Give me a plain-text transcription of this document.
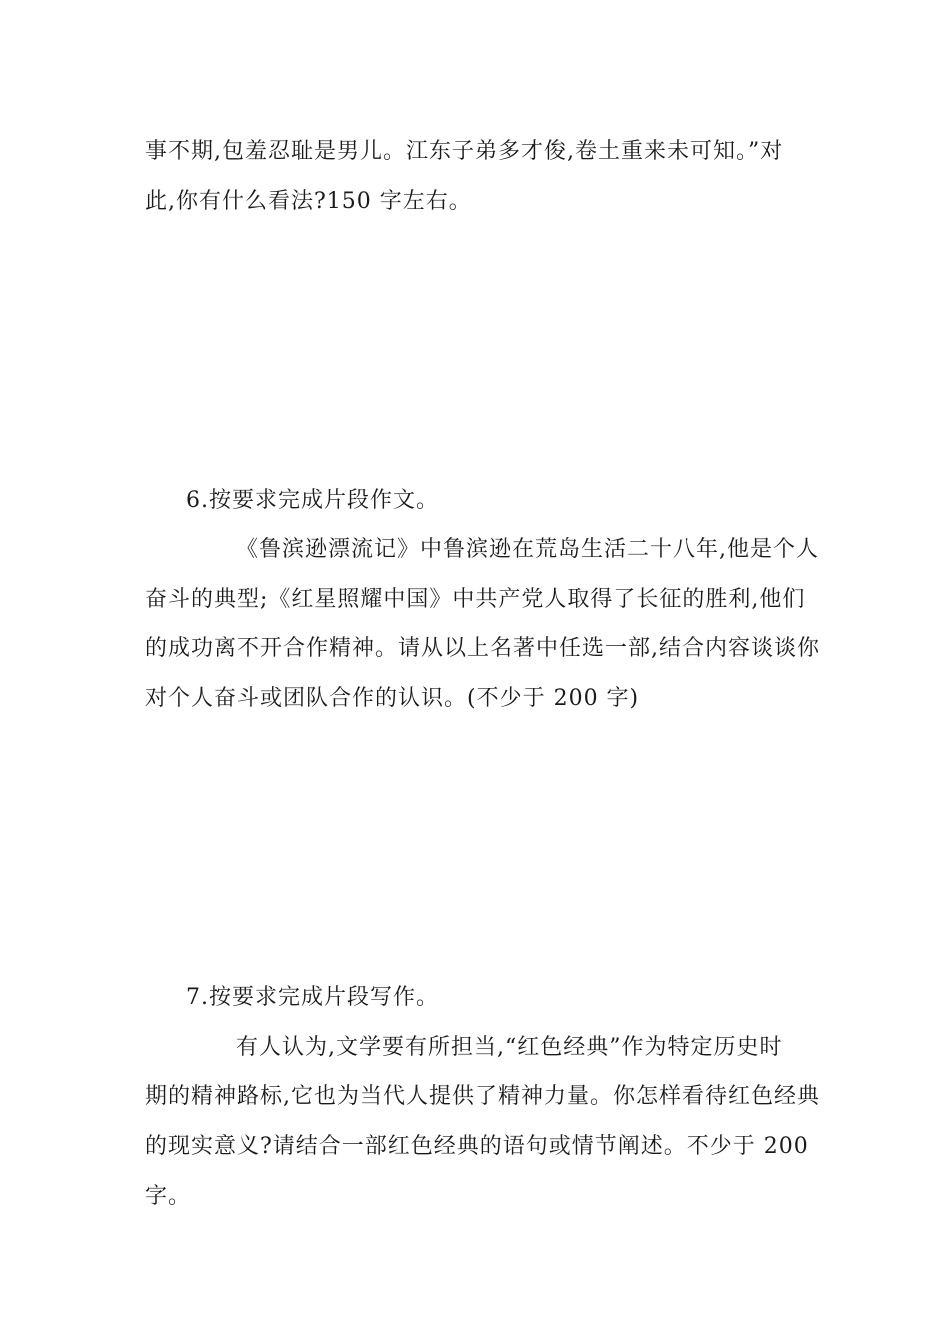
事不期,包羞忍耻是男儿。江东子弟多才俊,卷土重来未可知。”对
此,你有什么看法?150 字左右。
6.按要求完成片段作文。
《鲁滨逊漂流记》中鲁滨逊在荒岛生活二十八年,他是个人
奋斗的典型;《红星照耀中国》中共产党人取得了长征的胜利,他们
的成功离不开合作精神。请从以上名著中任选一部,结合内容谈谈你
对个人奋斗或团队合作的认识。(不少于 200 字)
7.按要求完成片段写作。
有人认为,文学要有所担当,“红色经典”作为特定历史时
期的精神路标,它也为当代人提供了精神力量。你怎样看待红色经典
的现实意义?请结合一部红色经典的语句或情节阐述。不少于 200
字。
